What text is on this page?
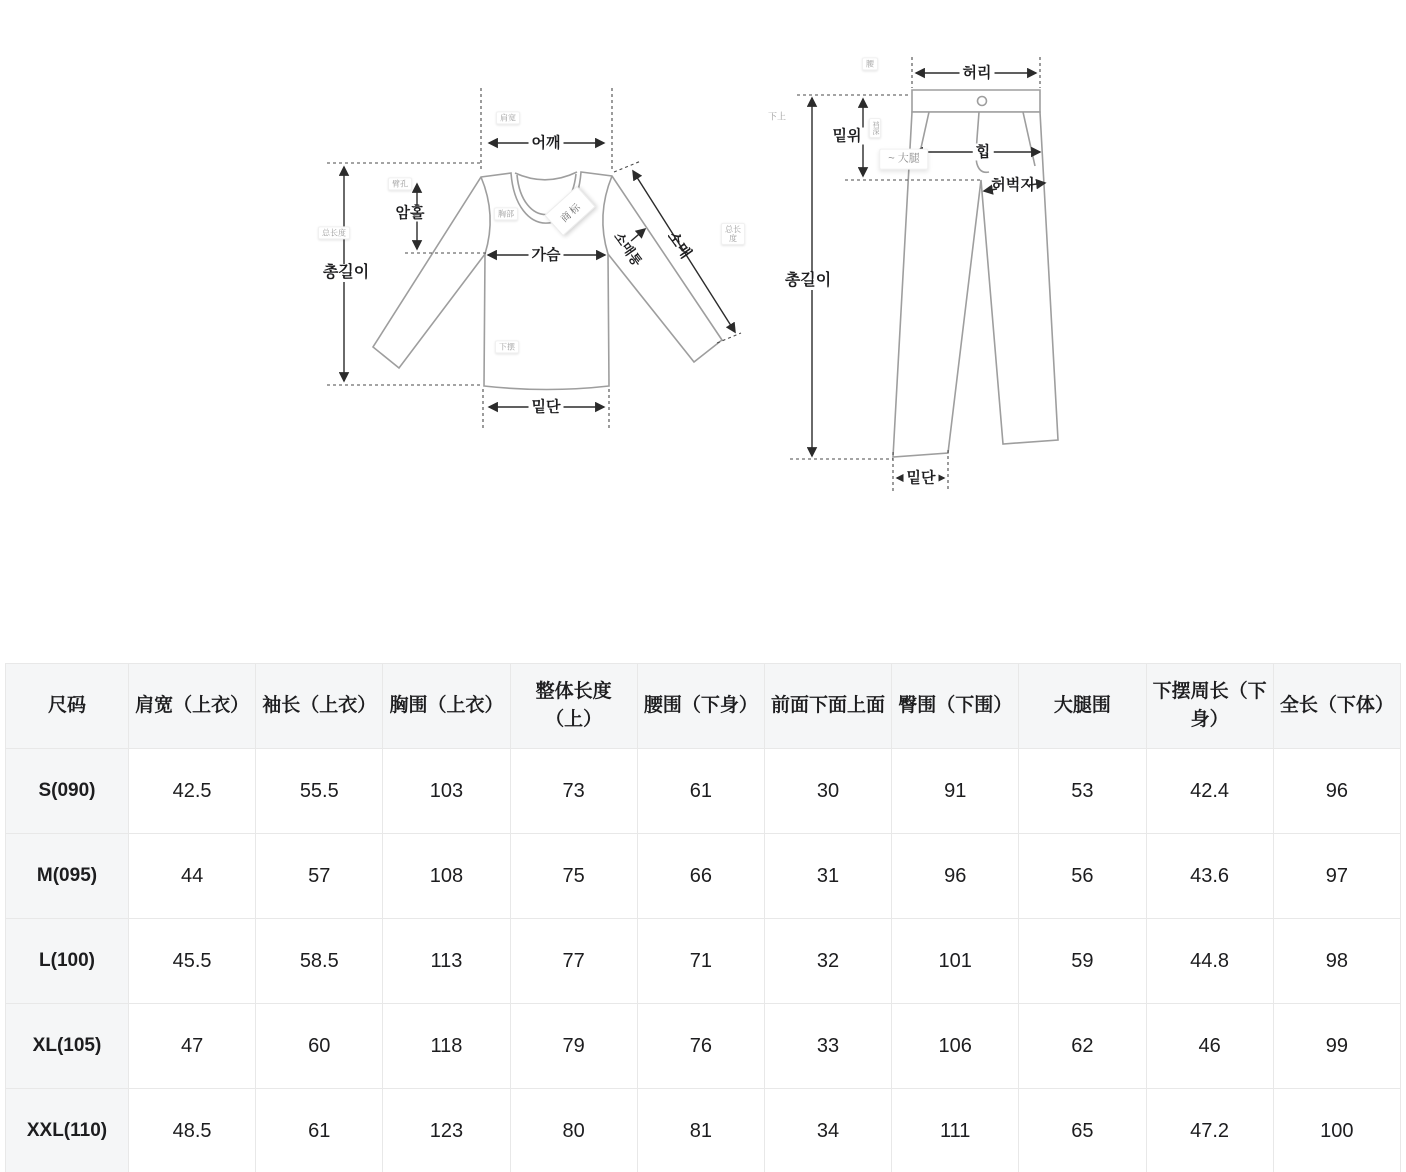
肩宽
어깨
臂孔
암홀	胸部
가슴
总长度
총길이
商标
소매통 소매	总长
度
밑단
下摆
腰
허리
下上
밑위	裆深
~ 大腿	힙
허벅지
총길이
밑단
尺码	肩宽（上衣）	袖长（上衣）	胸围（上衣）	整体长度（上）	腰围（下身）	前面下面上面	臀围（下围）	大腿围	下摆周长（下身）	全长（下体）
S(090)	42.5	55.5	103	73	61	30	91	53	42.4	96
M(095)	44	57	108	75	66	31	96	56	43.6	97
L(100)	45.5	58.5	113	77	71	32	101	59	44.8	98
XL(105)	47	60	118	79	76	33	106	62	46	99
XXL(110)	48.5	61	123	80	81	34	111	65	47.2	100
